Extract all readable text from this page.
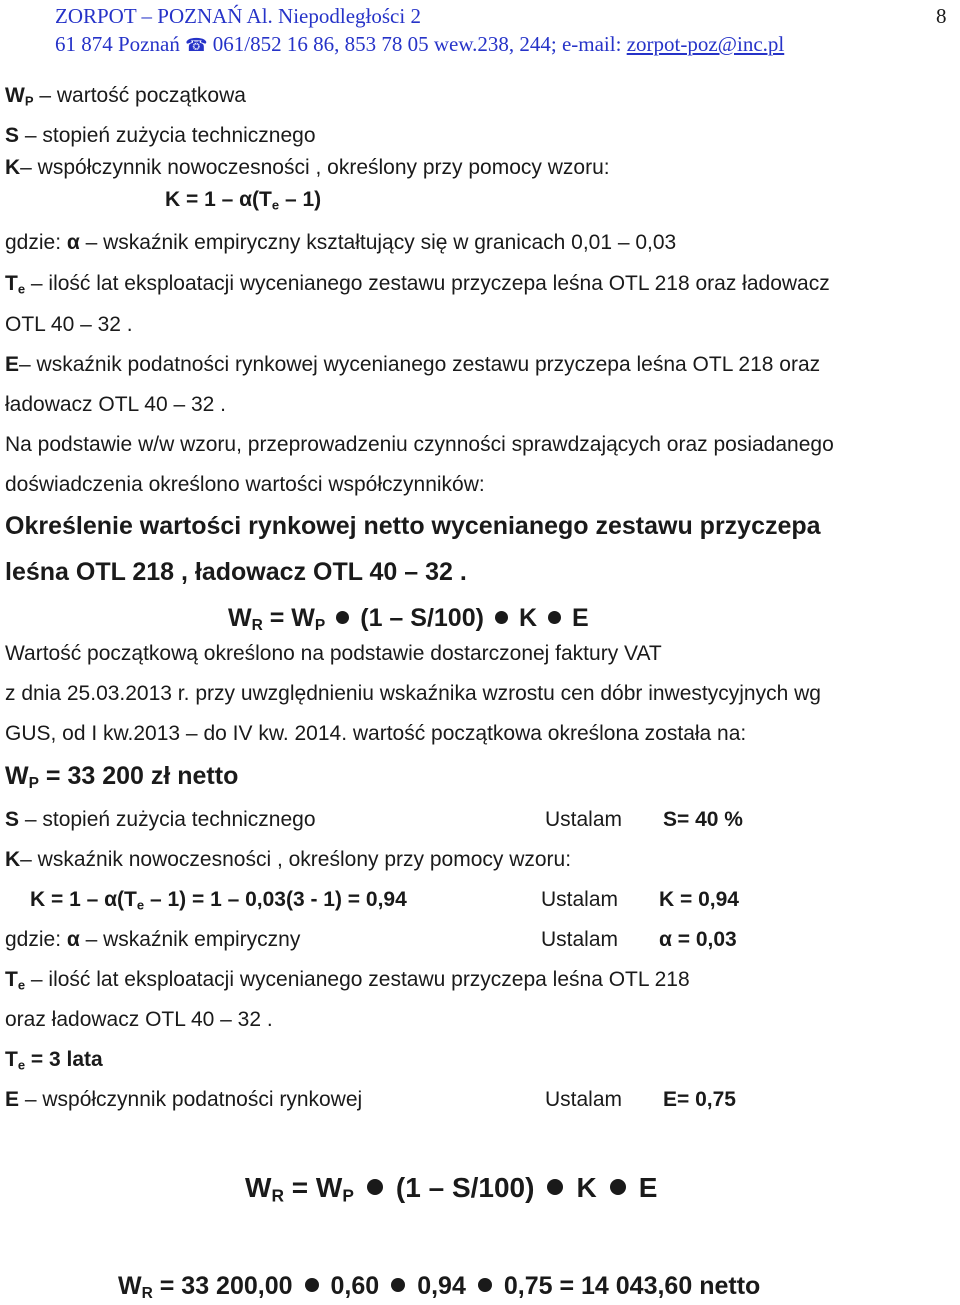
ZORPOT – POZNAŃ Al. Niepodległości 2
61 874 Poznań ☎ 061/852 16 86, 853 78 05 wew.238, 244; e-mail: zorpot-poz@inc.pl
8
$W_P$ – wartość początkowa
S – stopień zużycia technicznego
K– współczynnik nowoczesności , określony przy pomocy wzoru:
$K = 1 - \alpha(T_e - 1)$
gdzie: α – wskaźnik empiryczny kształtujący się w granicach 0,01 – 0,03
$T_e$ – ilość lat eksploatacji wycenianego zestawu przyczepa leśna OTL 218 oraz ładowacz
OTL 40 – 32 .
E– wskaźnik podatności rynkowej wycenianego zestawu przyczepa leśna OTL 218 oraz
ładowacz OTL 40 – 32 .
Na podstawie w/w wzoru, przeprowadzeniu czynności sprawdzających oraz posiadanego
doświadczenia określono wartości współczynników:
Określenie wartości rynkowej netto wycenianego zestawu przyczepa
leśna OTL 218 , ładowacz OTL 40 – 32 .
$W_R = W_P$ (1 – S/100) K E
Wartość początkową określono na podstawie dostarczonej faktury VAT
z dnia 25.03.2013 r. przy uwzględnieniu wskaźnika wzrostu cen dóbr inwestycyjnych wg
GUS, od I kw.2013 – do IV kw. 2014. wartość początkowa określona została na:
$W_P = 33$ 200 zł netto
S – stopień zużycia technicznego	Ustalam S= 40 %
K– wskaźnik nowoczesności , określony przy pomocy wzoru:
$K = 1 - \alpha(T_e - 1) = 1 - 0,03(3 - 1) = 0,94$	Ustalam K = 0,94
gdzie: α – wskaźnik empiryczny	Ustalam α = 0,03
$T_e$ – ilość lat eksploatacji wycenianego zestawu przyczepa leśna OTL 218
oraz ładowacz OTL 40 – 32 .
$T_e = 3$ lata
E – współczynnik podatności rynkowej	Ustalam E= 0,75
$W_R = W_P$ (1 – S/100) K E
$W_R = 33$ 200,00 0,60 0,94 0,75 = 14 043,60 netto
